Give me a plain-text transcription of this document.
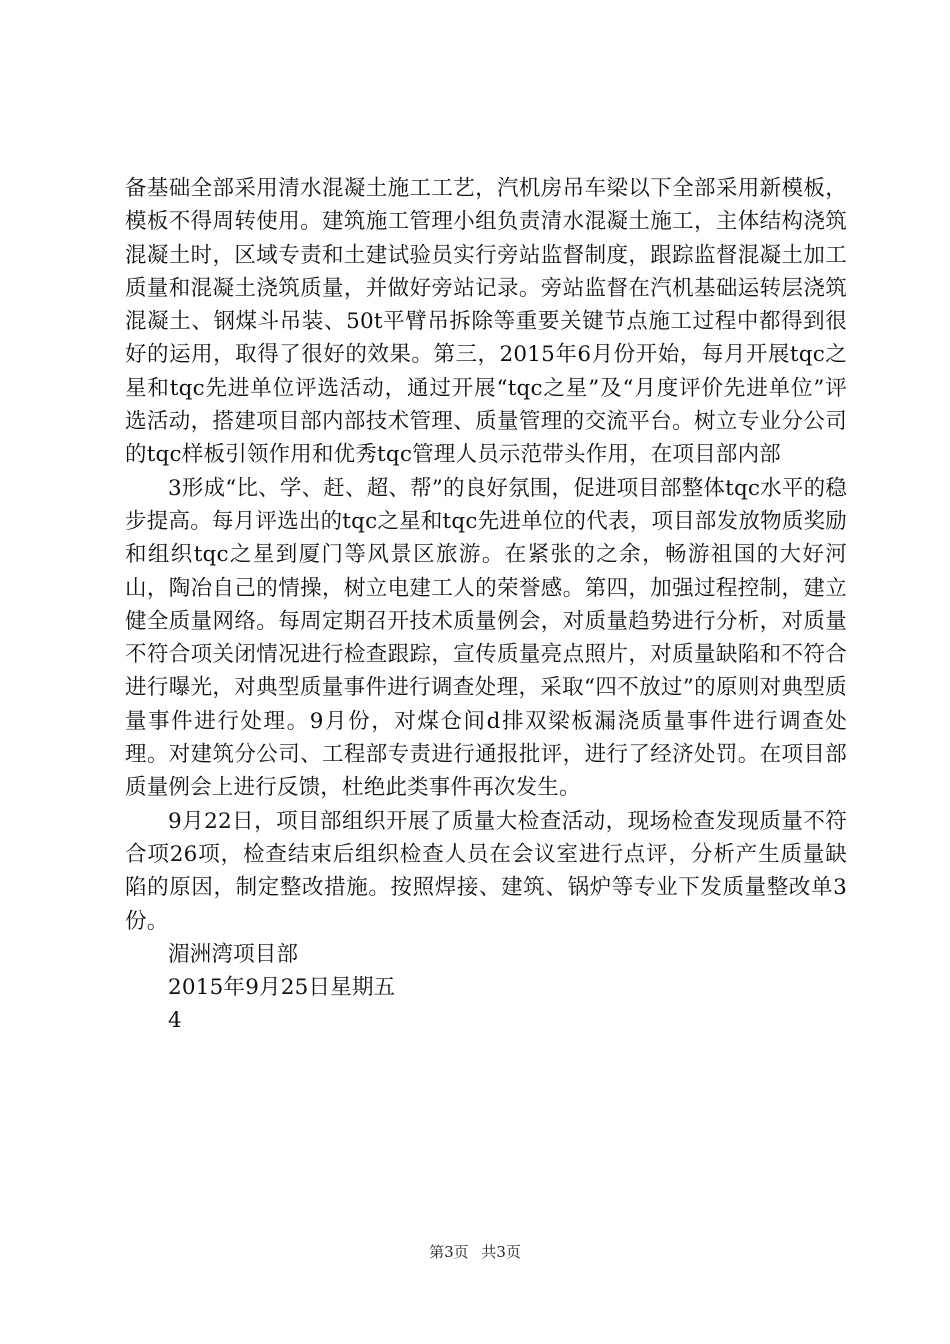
备基础全部采用清水混凝土施工工艺，汽机房吊车梁以下全部采用新模板，模板不得周转使用。建筑施工管理小组负责清水混凝土施工，主体结构浇筑混凝土时，区域专责和土建试验员实行旁站监督制度，跟踪监督混凝土加工质量和混凝土浇筑质量，并做好旁站记录。旁站监督在汽机基础运转层浇筑混凝土、钢煤斗吊装、50t平臂吊拆除等重要关键节点施工过程中都得到很好的运用，取得了很好的效果。第三，2015年6月份开始，每月开展tqc之星和tqc先进单位评选活动，通过开展“tqc之星”及“月度评价先进单位”评选活动，搭建项目部内部技术管理、质量管理的交流平台。树立专业分公司的tqc样板引领作用和优秀tqc管理人员示范带头作用，在项目部内部

3形成“比、学、赶、超、帮”的良好氛围，促进项目部整体tqc水平的稳步提高。每月评选出的tqc之星和tqc先进单位的代表，项目部发放物质奖励和组织tqc之星到厦门等风景区旅游。在紧张的之余，畅游祖国的大好河山，陶冶自己的情操，树立电建工人的荣誉感。第四，加强过程控制，建立健全质量网络。每周定期召开技术质量例会，对质量趋势进行分析，对质量不符合项关闭情况进行检查跟踪，宣传质量亮点照片，对质量缺陷和不符合进行曝光，对典型质量事件进行调查处理，采取“四不放过”的原则对典型质量事件进行处理。9月份，对煤仓间d排双梁板漏浇质量事件进行调查处理。对建筑分公司、工程部专责进行通报批评，进行了经济处罚。在项目部质量例会上进行反馈，杜绝此类事件再次发生。

9月22日，项目部组织开展了质量大检查活动，现场检查发现质量不符合项26项，检查结束后组织检查人员在会议室进行点评，分析产生质量缺陷的原因，制定整改措施。按照焊接、建筑、锅炉等专业下发质量整改单3份。

湄洲湾项目部

2015年9月25日星期五

4

第3页 共3页
